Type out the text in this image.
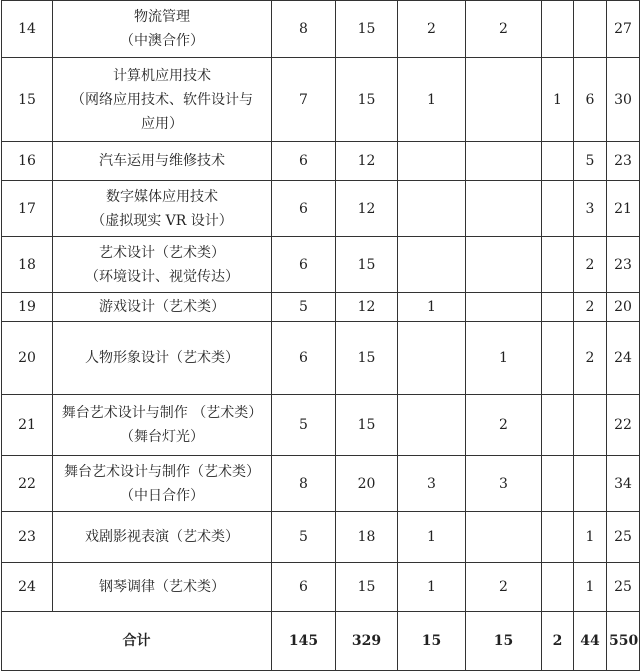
14	物流管理
（中澳合作）	8	15	2	2			27
15	计算机应用技术
（网络应用技术、软件设计与
应用）	7	15	1		1	6	30
16	汽车运用与维修技术	6	12				5	23
17	数字媒体应用技术
（虚拟现实 VR 设计）	6	12				3	21
18	艺术设计（艺术类）
（环境设计、视觉传达）	6	15				2	23
19	游戏设计（艺术类）	5	12	1			2	20
20	人物形象设计（艺术类）	6	15		1		2	24
21	舞台艺术设计与制作 （艺术类）
（舞台灯光）	5	15		2			22
22	舞台艺术设计与制作（艺术类）
（中日合作）	8	20	3	3			34
23	戏剧影视表演（艺术类）	5	18	1			1	25
24	钢琴调律（艺术类）	6	15	1	2		1	25
合计		145	329	15	15	2	44	550
